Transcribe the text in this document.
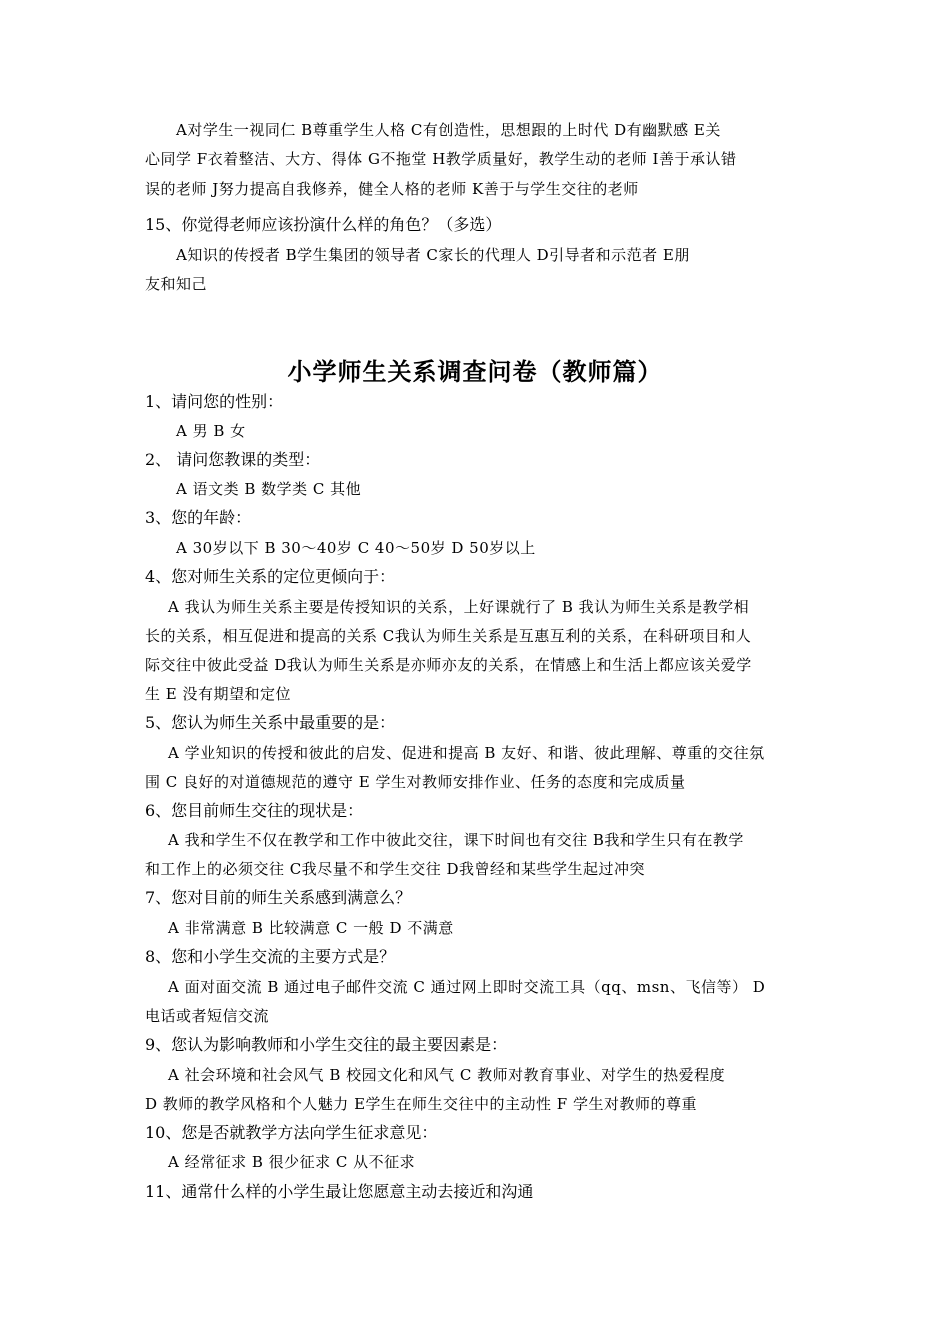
A对学生一视同仁 B尊重学生人格 C有创造性，思想跟的上时代 D有幽默感 E关
心同学 F衣着整洁、大方、得体 G不拖堂 H教学质量好，教学生动的老师 I善于承认错
误的老师 J努力提高自我修养，健全人格的老师 K善于与学生交往的老师
15、你觉得老师应该扮演什么样的角色？（多选）
A知识的传授者 B学生集团的领导者 C家长的代理人 D引导者和示范者 E朋
友和知己
小学师生关系调查问卷（教师篇）
1、请问您的性别：
A 男 B 女
2、 请问您教课的类型：
A 语文类 B 数学类 C 其他
3、您的年龄：
A 30岁以下 B 30～40岁 C 40～50岁 D 50岁以上
4、您对师生关系的定位更倾向于：
A 我认为师生关系主要是传授知识的关系，上好课就行了 B 我认为师生关系是教学相
长的关系，相互促进和提高的关系 C我认为师生关系是互惠互利的关系，在科研项目和人
际交往中彼此受益 D我认为师生关系是亦师亦友的关系，在情感上和生活上都应该关爱学
生 E 没有期望和定位
5、您认为师生关系中最重要的是：
A 学业知识的传授和彼此的启发、促进和提高 B 友好、和谐、彼此理解、尊重的交往氛
围 C 良好的对道德规范的遵守 E 学生对教师安排作业、任务的态度和完成质量
6、您目前师生交往的现状是：
A 我和学生不仅在教学和工作中彼此交往，课下时间也有交往 B我和学生只有在教学
和工作上的必须交往 C我尽量不和学生交往 D我曾经和某些学生起过冲突
7、您对目前的师生关系感到满意么？
A 非常满意 B 比较满意 C 一般 D 不满意
8、您和小学生交流的主要方式是？
A 面对面交流 B 通过电子邮件交流 C 通过网上即时交流工具（qq、msn、飞信等） D
电话或者短信交流
9、您认为影响教师和小学生交往的最主要因素是：
A 社会环境和社会风气 B 校园文化和风气 C 教师对教育事业、对学生的热爱程度
D 教师的教学风格和个人魅力 E学生在师生交往中的主动性 F 学生对教师的尊重
10、您是否就教学方法向学生征求意见：
A 经常征求 B 很少征求 C 从不征求
11、通常什么样的小学生最让您愿意主动去接近和沟通
